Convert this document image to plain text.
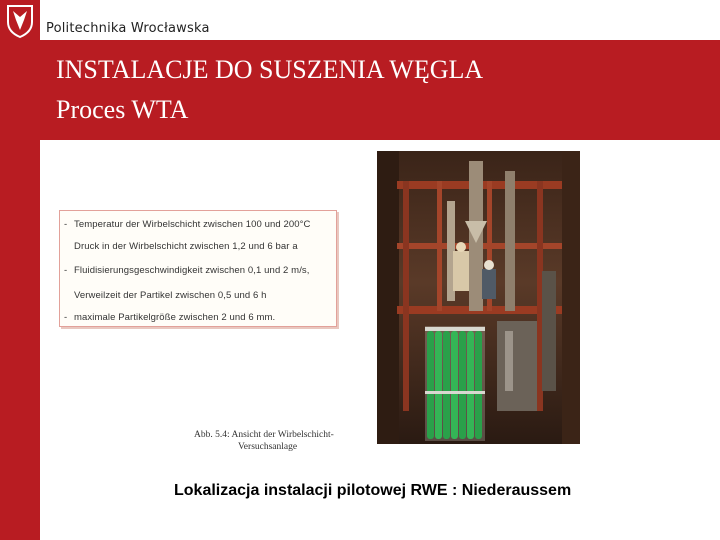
Politechnika Wrocławska
INSTALACJE DO SUSZENIA WĘGLA
Proces WTA
- Temperatur der Wirbelschicht zwischen 100 und 200°C
Druck in der Wirbelschicht zwischen 1,2 und 6 bar a
- Fluidisierungsgeschwindigkeit zwischen 0,1 und 2 m/s,
Verweilzeit der Partikel zwischen 0,5 und 6 h
- maximale Partikelgröße zwischen 2 und 6 mm.
Abb. 5.4: Ansicht der Wirbelschicht-
Versuchsanlage
Lokalizacja instalacji pilotowej RWE : Niederaussem
